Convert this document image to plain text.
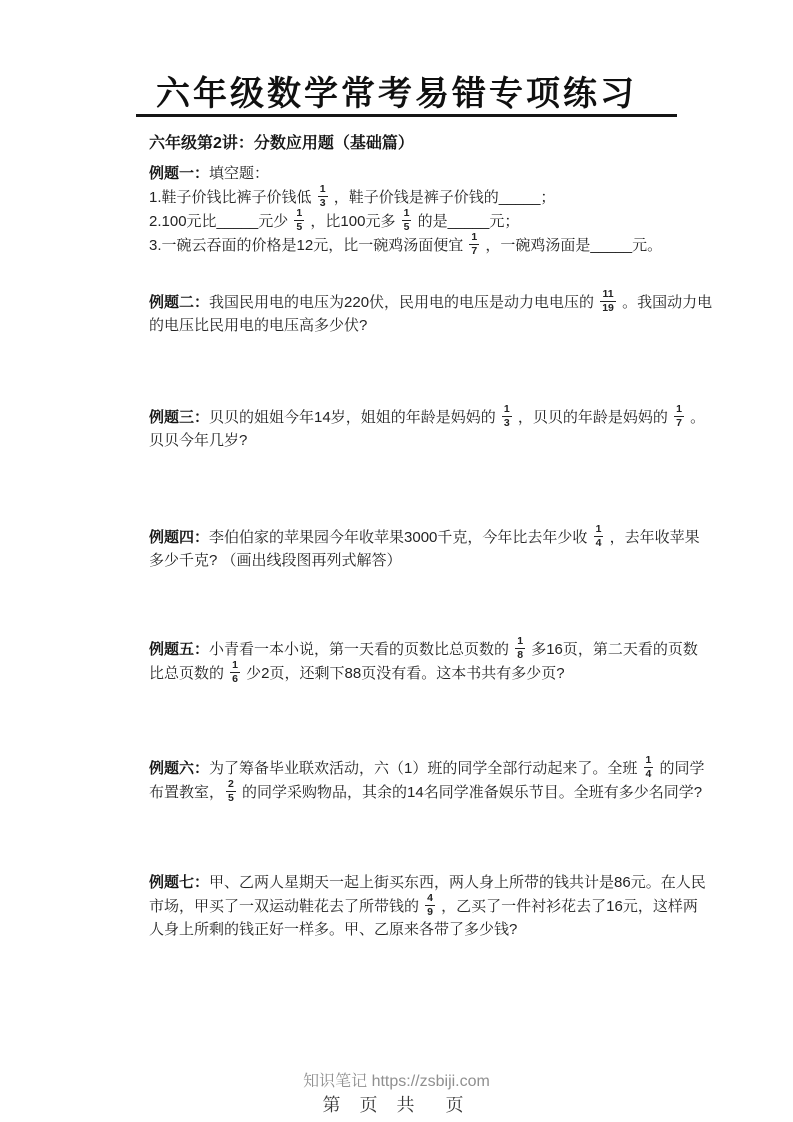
六年级数学常考易错专项练习
六年级第2讲：分数应用题（基础篇）
例题一： 填空题：
1.鞋子价钱比裤子价钱低 $\frac{1}{3}$ ，鞋子价钱是裤子价钱的_____；
2.100元比_____元少 $\frac{1}{5}$ ，比100元多 $\frac{1}{5}$ 的是_____元；
3.一碗云吞面的价格是12元，比一碗鸡汤面便宜 $\frac{1}{7}$ ，一碗鸡汤面是_____元。
例题二： 我国民用电的电压为220伏，民用电的电压是动力电电压的 $\frac{11}{19}$ 。我国动力电
的电压比民用电的电压高多少伏?
例题三： 贝贝的姐姐今年14岁，姐姐的年龄是妈妈的 $\frac{1}{3}$ ，贝贝的年龄是妈妈的 $\frac{1}{7}$ 。
贝贝今年几岁?
例题四： 李伯伯家的苹果园今年收苹果3000千克，今年比去年少收 $\frac{1}{4}$ ，去年收苹果
多少千克? （画出线段图再列式解答）
例题五： 小青看一本小说，第一天看的页数比总页数的 $\frac{1}{8}$ 多16页，第二天看的页数
比总页数的 $\frac{1}{6}$ 少2页，还剩下88页没有看。这本书共有多少页?
例题六： 为了筹备毕业联欢活动，六（1）班的同学全部行动起来了。全班 $\frac{1}{4}$ 的同学
布置教室， $\frac{2}{5}$ 的同学采购物品，其余的14名同学准备娱乐节目。全班有多少名同学?
例题七： 甲、乙两人星期天一起上街买东西，两人身上所带的钱共计是86元。在人民
市场，甲买了一双运动鞋花去了所带钱的 $\frac{4}{9}$ ，乙买了一件衬衫花去了16元，这样两
人身上所剩的钱正好一样多。甲、乙原来各带了多少钱?
知识笔记 https://zsbiji.com
第 页 共  页
